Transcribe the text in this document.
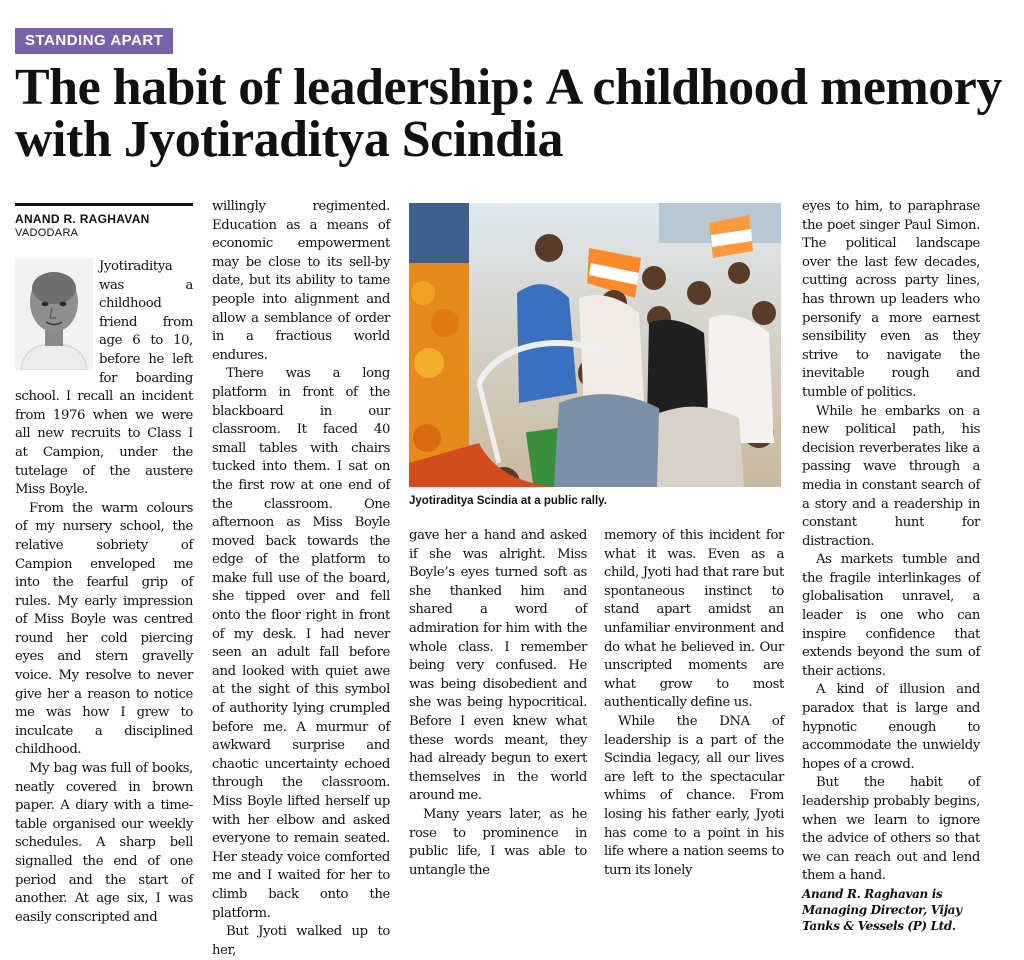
STANDING APART
The habit of leadership: A childhood memory with Jyotiraditya Scindia
ANAND R. RAGHAVAN
VADODARA

Jyotiraditya was a childhood friend from age 6 to 10, before he left for boarding school. I recall an incident from 1976 when we were all new recruits to Class I at Campion, under the tutelage of the austere Miss Boyle.

From the warm colours of my nursery school, the relative sobriety of Campion enveloped me into the fearful grip of rules. My early impression of Miss Boyle was centred round her cold piercing eyes and stern gravelly voice. My resolve to never give her a reason to notice me was how I grew to inculcate a disciplined childhood.

My bag was full of books, neatly covered in brown paper. A diary with a time-table organised our weekly schedules. A sharp bell signalled the end of one period and the start of another. At age six, I was easily conscripted and

willingly regimented. Education as a means of economic empowerment may be close to its sell-by date, but its ability to tame people into alignment and allow a semblance of order in a fractious world endures.

There was a long platform in front of the blackboard in our classroom. It faced 40 small tables with chairs tucked into them. I sat on the first row at one end of the classroom. One afternoon as Miss Boyle moved back towards the edge of the platform to make full use of the board, she tipped over and fell onto the floor right in front of my desk. I had never seen an adult fall before and looked with quiet awe at the sight of this symbol of authority lying crumpled before me. A murmur of awkward surprise and chaotic uncertainty echoed through the classroom. Miss Boyle lifted herself up with her elbow and asked everyone to remain seated. Her steady voice comforted me and I waited for her to climb back onto the platform.

But Jyoti walked up to her,

Jyotiraditya Scindia at a public rally.

gave her a hand and asked if she was alright. Miss Boyle’s eyes turned soft as she thanked him and shared a word of admiration for him with the whole class. I remember being very confused. He was being disobedient and she was being hypocritical. Before I even knew what these words meant, they had already begun to exert themselves in the world around me.

Many years later, as he rose to prominence in public life, I was able to untangle the

memory of this incident for what it was. Even as a child, Jyoti had that rare but spontaneous instinct to stand apart amidst an unfamiliar environment and do what he believed in. Our unscripted moments are what grow to most authentically define us.

While the DNA of leadership is a part of the Scindia legacy, all our lives are left to the spectacular whims of chance. From losing his father early, Jyoti has come to a point in his life where a nation seems to turn its lonely

eyes to him, to paraphrase the poet singer Paul Simon. The political landscape over the last few decades, cutting across party lines, has thrown up leaders who personify a more earnest sensibility even as they strive to navigate the inevitable rough and tumble of politics.

While he embarks on a new political path, his decision reverberates like a passing wave through a media in constant search of a story and a readership in constant hunt for distraction.

As markets tumble and the fragile interlinkages of globalisation unravel, a leader is one who can inspire confidence that extends beyond the sum of their actions.

A kind of illusion and paradox that is large and hypnotic enough to accommodate the unwieldy hopes of a crowd.

But the habit of leadership probably begins, when we learn to ignore the advice of others so that we can reach out and lend them a hand.

Anand R. Raghavan is Managing Director, Vijay Tanks & Vessels (P) Ltd.
